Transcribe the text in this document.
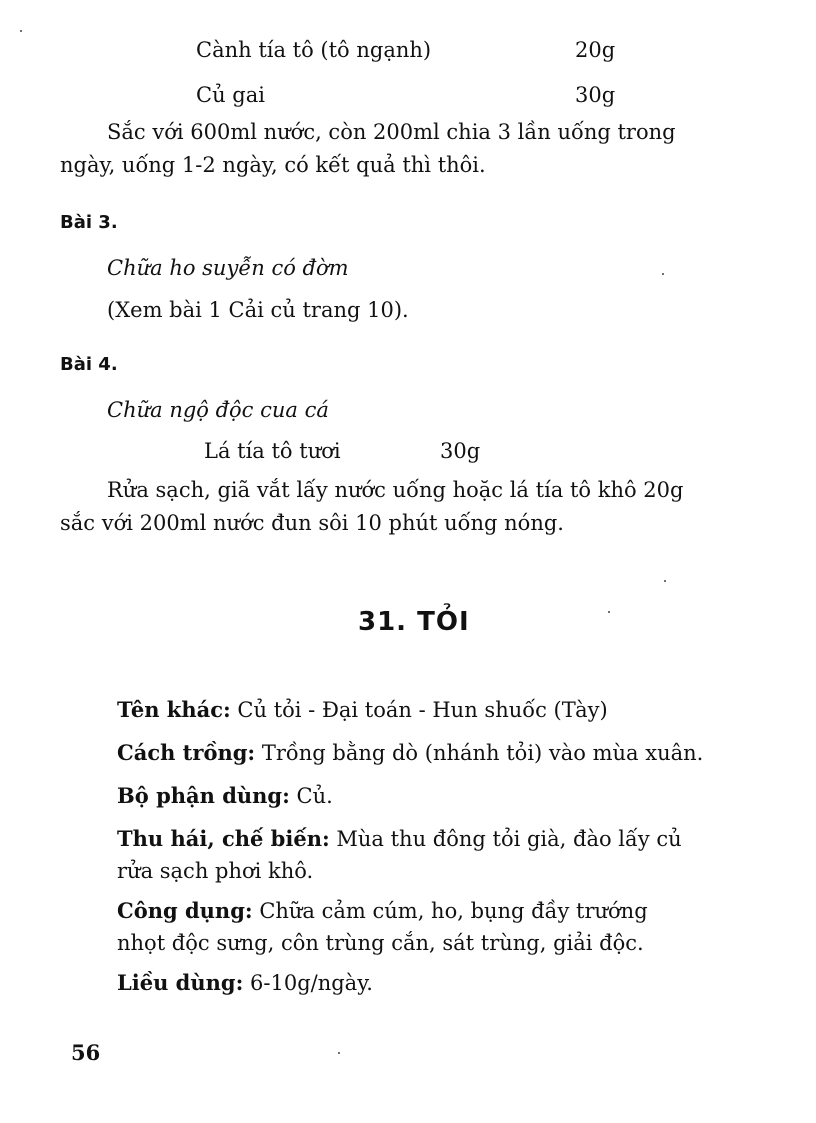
Cành tía tô (tô ngạnh)	20g
Củ gai	30g
Sắc với 600ml nước, còn 200ml chia 3 lần uống trong
ngày, uống 1-2 ngày, có kết quả thì thôi.
Bài 3.
Chữa ho suyễn có đờm
(Xem bài 1 Cải củ trang 10).
Bài 4.
Chữa ngộ độc cua cá
Lá tía tô tươi	30g
Rửa sạch, giã vắt lấy nước uống hoặc lá tía tô khô 20g
sắc với 200ml nước đun sôi 10 phút uống nóng.
31. TỎI
Tên khác: Củ tỏi - Đại toán - Hun shuốc (Tày)
Cách trồng: Trồng bằng dò (nhánh tỏi) vào mùa xuân.
Bộ phận dùng: Củ.
Thu hái, chế biến: Mùa thu đông tỏi già, đào lấy củ
rửa sạch phơi khô.
Công dụng: Chữa cảm cúm, ho, bụng đầy trướng
nhọt độc sưng, côn trùng cắn, sát trùng, giải độc.
Liều dùng: 6-10g/ngày.
56
